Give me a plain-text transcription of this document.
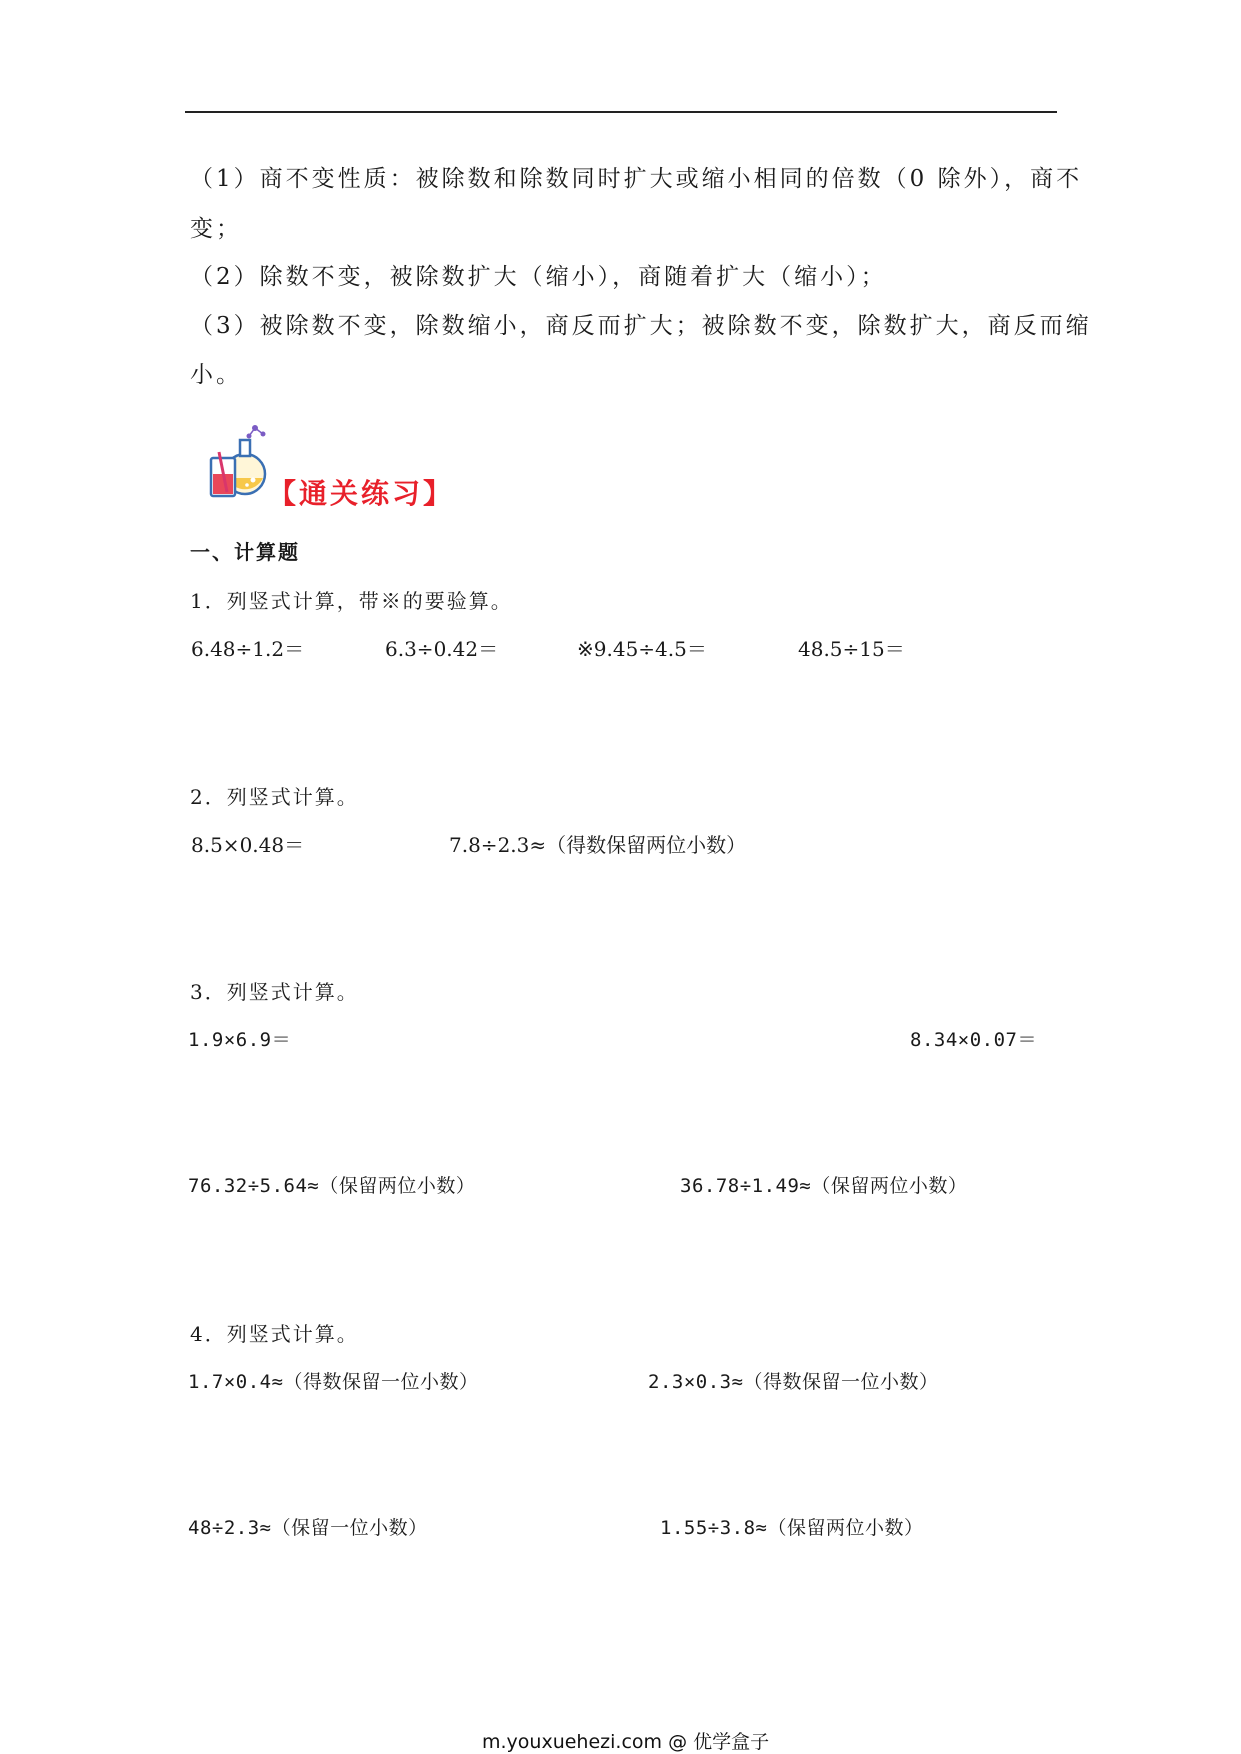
（1）商不变性质：被除数和除数同时扩大或缩小相同的倍数（0 除外），商不
变；
（2）除数不变，被除数扩大（缩小），商随着扩大（缩小）；
（3）被除数不变，除数缩小，商反而扩大；被除数不变，除数扩大，商反而缩
小。
【通关练习】
一、计算题
1．列竖式计算，带※的要验算。
6.48÷1.2＝	6.3÷0.42＝	※9.45÷4.5＝	48.5÷15＝
2．列竖式计算。
8.5×0.48＝	7.8÷2.3≈（得数保留两位小数）
3．列竖式计算。
1.9×6.9＝	8.34×0.07＝
76.32÷5.64≈（保留两位小数）	36.78÷1.49≈（保留两位小数）
4．列竖式计算。
1.7×0.4≈（得数保留一位小数）	2.3×0.3≈（得数保留一位小数）
48÷2.3≈（保留一位小数）	1.55÷3.8≈（保留两位小数）
m.youxuehezi.com @ 优学盒子
